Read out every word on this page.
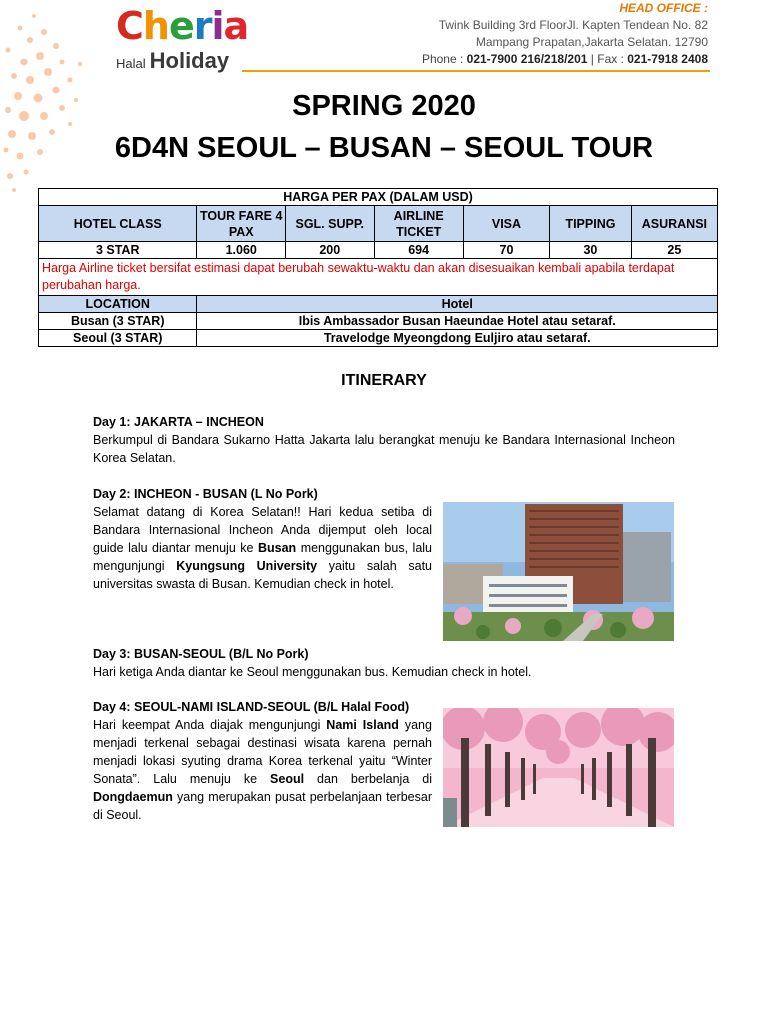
Cheria
Halal Holiday
HEAD OFFICE :
Twink Building 3rd FloorJl. Kapten Tendean No. 82
Mampang Prapatan,Jakarta Selatan. 12790
Phone : 021-7900 216/218/201 | Fax : 021-7918 2408
SPRING 2020
6D4N SEOUL – BUSAN – SEOUL TOUR
HARGA PER PAX (DALAM USD)						
HOTEL CLASS	TOUR FARE 4 PAX	SGL. SUPP.	AIRLINE TICKET	VISA	TIPPING	ASURANSI
3 STAR	1.060	200	694	70	30	25
Harga Airline ticket bersifat estimasi dapat berubah sewaktu-waktu dan akan disesuaikan kembali apabila terdapat perubahan harga.						
LOCATION	Hotel					
Busan (3 STAR)	Ibis Ambassador Busan Haeundae Hotel atau setaraf.					
Seoul (3 STAR)	Travelodge Myeongdong Euljiro atau setaraf.					
ITINERARY
Day 1: JAKARTA – INCHEON

Berkumpul di Bandara Sukarno Hatta Jakarta lalu berangkat menuju ke Bandara Internasional Incheon Korea Selatan.

Day 2: INCHEON - BUSAN (L No Pork)

Selamat datang di Korea Selatan!! Hari kedua setiba di Bandara Internasional Incheon Anda dijemput oleh local guide lalu diantar menuju ke Busan menggunakan bus, lalu mengunjungi Kyungsung University yaitu salah satu universitas swasta di Busan. Kemudian check in hotel.

Day 3: BUSAN-SEOUL (B/L No Pork)

Hari ketiga Anda diantar ke Seoul menggunakan bus. Kemudian check in hotel.

Day 4: SEOUL-NAMI ISLAND-SEOUL (B/L Halal Food)

Hari keempat Anda diajak mengunjungi Nami Island yang menjadi terkenal sebagai destinasi wisata karena pernah menjadi lokasi syuting drama Korea terkenal yaitu “Winter Sonata”. Lalu menuju ke Seoul dan berbelanja di Dongdaemun yang merupakan pusat perbelanjaan terbesar di Seoul.
